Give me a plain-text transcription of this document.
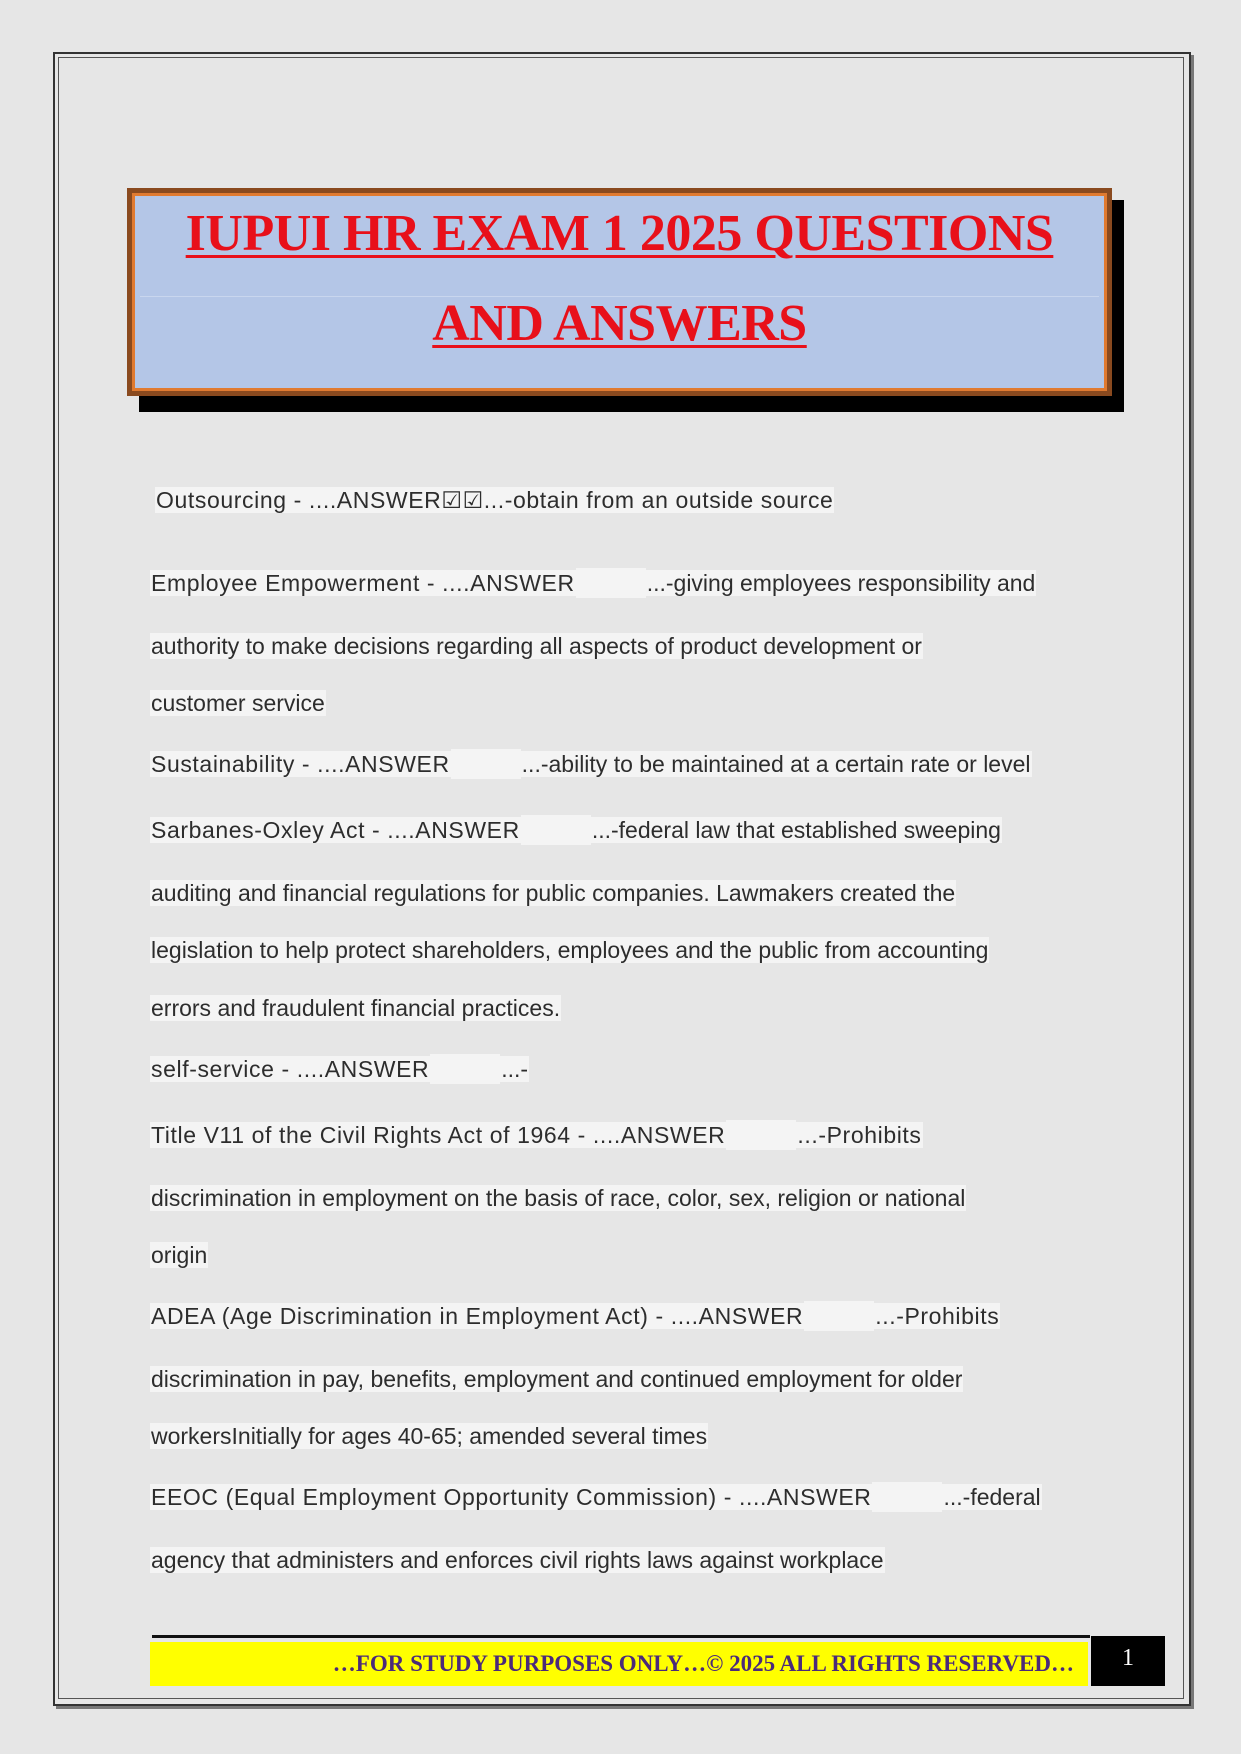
IUPUI HR EXAM 1 2025 QUESTIONS
AND ANSWERS
Outsourcing - ....ANSWER☑☑...-obtain from an outside source
Employee Empowerment - ....ANSWER	...-giving employees responsibility and
authority to make decisions regarding all aspects of product development or
customer service
Sustainability - ....ANSWER	...-ability to be maintained at a certain rate or level
Sarbanes-Oxley Act - ....ANSWER	...-federal law that established sweeping
auditing and financial regulations for public companies. Lawmakers created the
legislation to help protect shareholders, employees and the public from accounting
errors and fraudulent financial practices.
self-service - ....ANSWER	...-
Title V11 of the Civil Rights Act of 1964 - ....ANSWER	...-Prohibits
discrimination in employment on the basis of race, color, sex, religion or national
origin
ADEA (Age Discrimination in Employment Act) - ....ANSWER	...-Prohibits
discrimination in pay, benefits, employment and continued employment for older
workersInitially for ages 40-65; amended several times
EEOC (Equal Employment Opportunity Commission) - ....ANSWER	...-federal
agency that administers and enforces civil rights laws against workplace
…FOR STUDY PURPOSES ONLY…© 2025 ALL RIGHTS RESERVED…	1
